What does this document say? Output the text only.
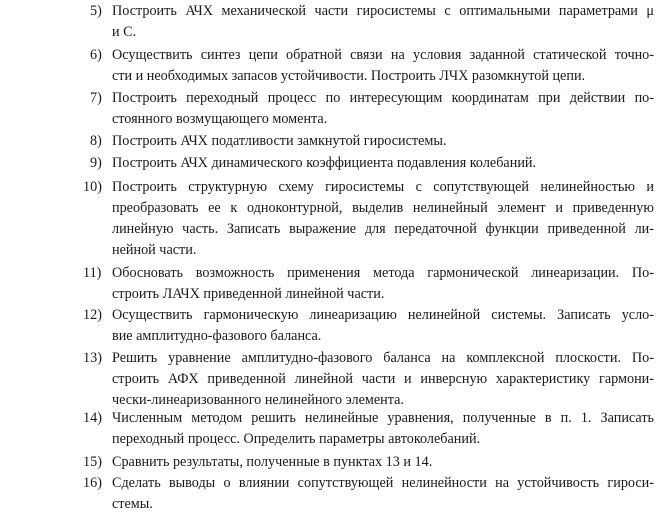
5) Построить АЧХ механической части гиросистемы с оптимальными параметрами μ
и С.
6) Осуществить синтез цепи обратной связи на условия заданной статической точно-
сти и необходимых запасов устойчивости. Построить ЛЧХ разомкнутой цепи.
7) Построить переходный процесс по интересующим координатам при действии по-
стоянного возмущающего момента.
8) Построить АЧХ податливости замкнутой гиросистемы.
9) Построить АЧХ динамического коэффициента подавления колебаний.
10) Построить структурную схему гиросистемы с сопутствующей нелинейностью и
преобразовать ее к одноконтурной, выделив нелинейный элемент и приведенную
линейную часть. Записать выражение для передаточной функции приведенной ли-
нейной части.
11) Обосновать возможность применения метода гармонической линеаризации. По-
строить ЛАЧХ приведенной линейной части.
12) Осуществить гармоническую линеаризацию нелинейной системы. Записать усло-
вие амплитудно-фазового баланса.
13) Решить уравнение амплитудно-фазового баланса на комплексной плоскости. По-
строить АФХ приведенной линейной части и инверсную характеристику гармони-
чески-линеаризованного нелинейного элемента.
14) Численным методом решить нелинейные уравнения, полученные в п. 1. Записать
переходный процесс. Определить параметры автоколебаний.
15) Сравнить результаты, полученные в пунктах 13 и 14.
16) Сделать выводы о влиянии сопутствующей нелинейности на устойчивость гироси-
стемы.
